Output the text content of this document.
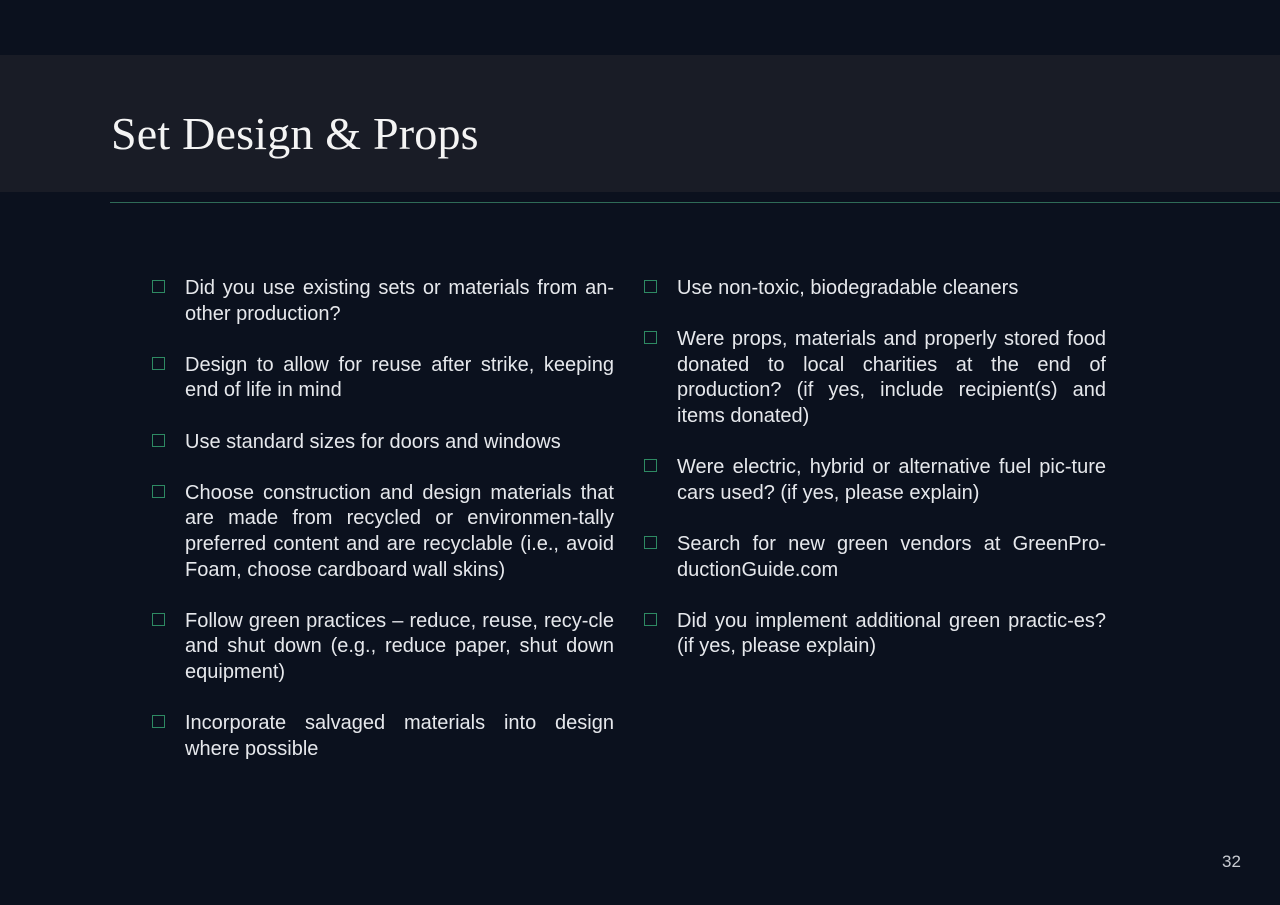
Set Design & Props
Did you use existing sets or materials from an-other production?
Design to allow for reuse after strike, keeping end of life in mind
Use standard sizes for doors and windows
Choose construction and design materials that are made from recycled or environmen-tally preferred content and are recyclable (i.e., avoid Foam, choose cardboard wall skins)
Follow green practices – reduce, reuse, recy-cle and shut down (e.g., reduce paper, shut down equipment)
Incorporate salvaged materials into design where possible
Use non-toxic, biodegradable cleaners
Were props, materials and properly stored food donated to local charities at the end of production? (if yes, include recipient(s) and items donated)
Were electric, hybrid or alternative fuel pic-ture cars used? (if yes, please explain)
Search for new green vendors at GreenPro-ductionGuide.com
Did you implement additional green practic-es? (if yes, please explain)
32
